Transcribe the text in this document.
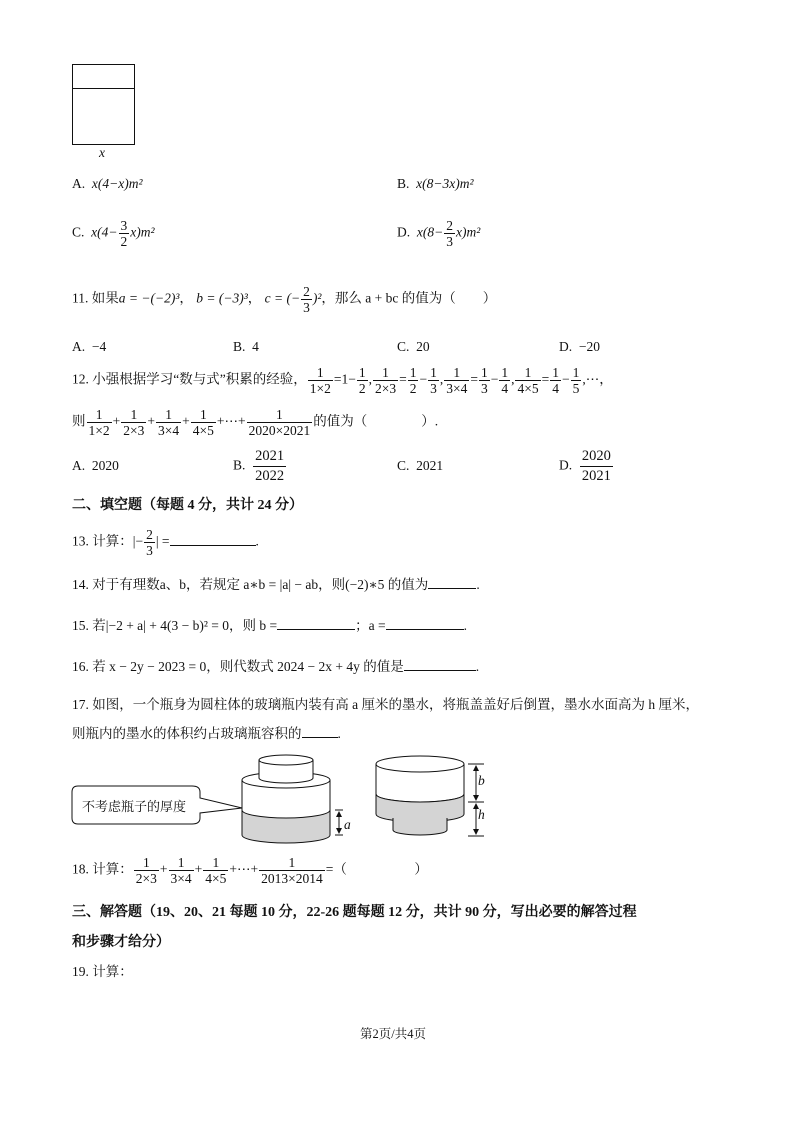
x
A. x(4−x)m²	B. x(8−3x)m²
C. $x(4- \frac{3}{2} x)m^2$	D. $x(8- \frac{2}{3} x)m^2$
11. 如果a = −(−2)³， b = (−3)³， c = (− $\frac{2}{3} )^2$，那么 a + bc 的值为（　　）
A. −4	B. 4	C. 20	D. −20
12. 小强根据学习“数与式”积累的经验， $\frac{1}{1\times 2} =1- \frac{1}{2}$ , $\frac{1}{2\times 3} = \frac{1}{2} - \frac{1}{3}$ , $\frac{1}{3\times 4} = \frac{1}{3} - \frac{1}{4}$ , $\frac{1}{4\times 5} = \frac{1}{4} - \frac{1}{5}$ ,⋯，
则 $\frac{1}{1\times 2} + \frac{1}{2\times 3} + \frac{1}{3\times 4} + \frac{1}{4\times 5}$ +⋯+ $\frac{1}{2020\times 2021}$ 的值为（　　　　）.
A. 2020	B. $\frac{2021}{2022}$	C. 2021	D. $\frac{2020}{2021}$
二、填空题（每题 4 分，共计 24 分）
13. 计算：|− $\frac{2}{3}$ | =	.
14. 对于有理数a、b，若规定 a∗b = |a| − ab，则(−2)∗5 的值为	.
15. 若|−2 + a| + 4(3 − b)² = 0，则 b =	；a =	.
16. 若 x − 2y − 2023 = 0，则代数式 2024 − 2x + 4y 的值是	.
17. 如图，一个瓶身为圆柱体的玻璃瓶内装有高 a 厘米的墨水，将瓶盖盖好后倒置，墨水水面高为 h 厘米，
则瓶内的墨水的体积约占玻璃瓶容积的	.
不考虑瓶子的厚度
a
b
h
18. 计算： $\frac{1}{2\times 3} + \frac{1}{3\times 4} + \frac{1}{4\times 5}$ +⋯+ $\frac{1}{2013\times 2014}$ =（　　　　　）
三、解答题（19、20、21 每题 10 分，22-26 题每题 12 分，共计 90 分，写出必要的解答过程
和步骤才给分）
19. 计算：
第2页/共4页
